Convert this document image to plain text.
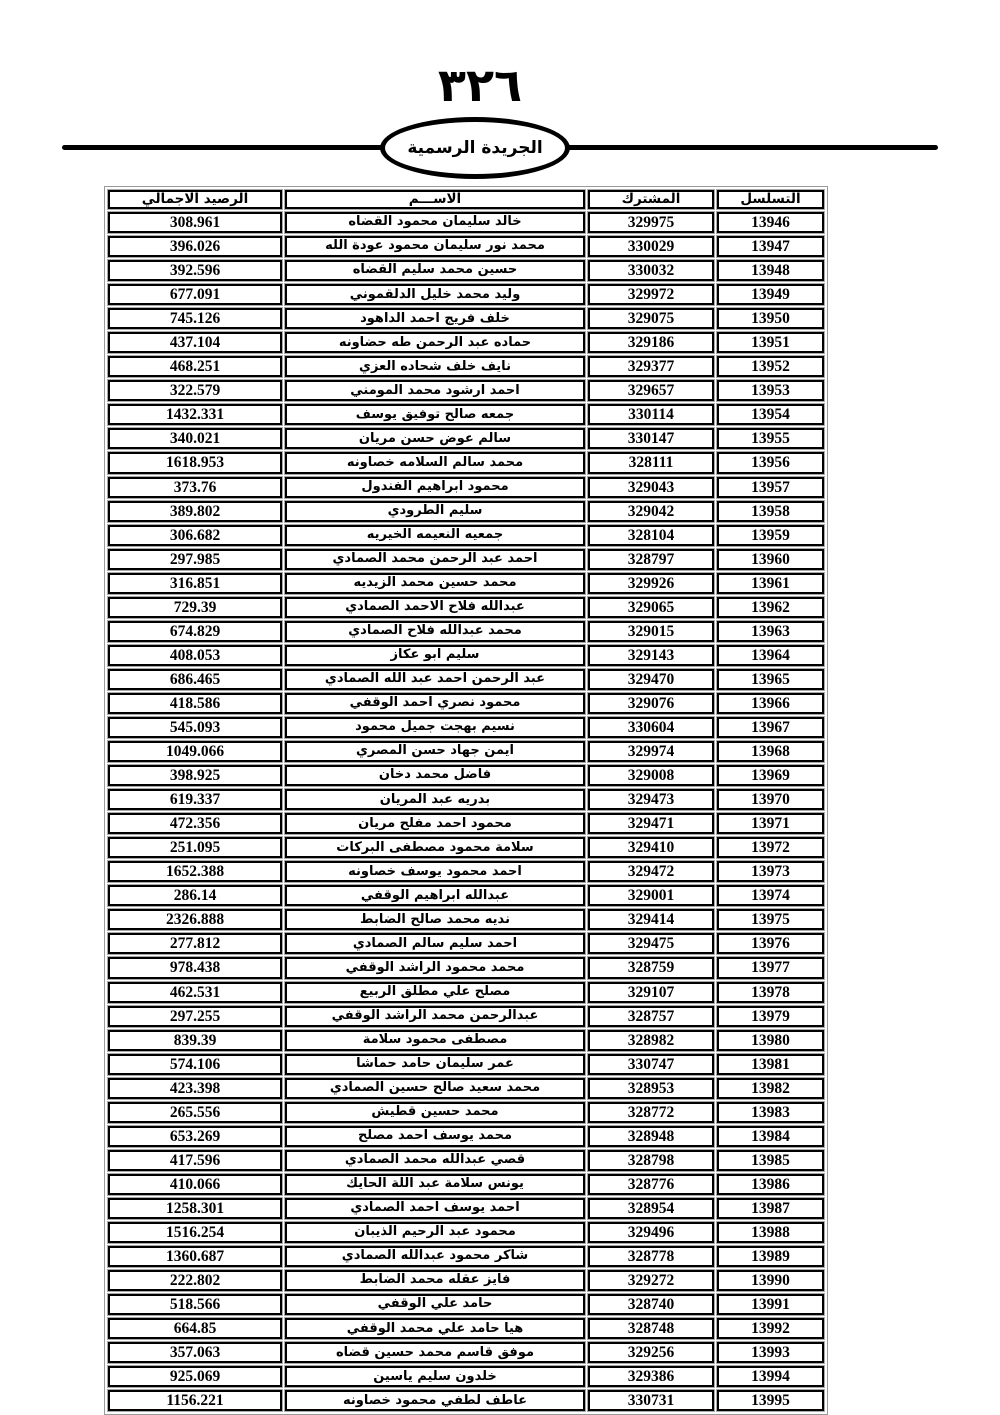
٣٢٦
الجريدة الرسمية
التسلسل	المشترك	الاســـم	الرصيد الاجمالي
13946	329975	خالد سليمان محمود القضاه	308.961
13947	330029	محمد نور سليمان محمود عودة الله	396.026
13948	330032	حسين محمد سليم القضاه	392.596
13949	329972	وليد محمد خليل الدلقموني	677.091
13950	329075	خلف فريج احمد الداهود	745.126
13951	329186	حماده عبد الرحمن طه حضاونه	437.104
13952	329377	نايف خلف شحاده العزي	468.251
13953	329657	احمد ارشود محمد المومني	322.579
13954	330114	جمعه صالح توفيق يوسف	1432.331
13955	330147	سالم عوض حسن مريان	340.021
13956	328111	محمد سالم السلامه خصاونه	1618.953
13957	329043	محمود ابراهيم الفندول	373.76
13958	329042	سليم الطرودي	389.802
13959	328104	جمعيه النعيمه الخيريه	306.682
13960	328797	احمد عبد الرحمن محمد الصمادي	297.985
13961	329926	محمد حسين محمد الزيديه	316.851
13962	329065	عبدالله فلاح الاحمد الصمادي	729.39
13963	329015	محمد عبدالله فلاح الصمادي	674.829
13964	329143	سليم ابو عكاز	408.053
13965	329470	عبد الرحمن احمد عبد الله الصمادي	686.465
13966	329076	محمود نصري احمد الوقفي	418.586
13967	330604	نسيم بهجت جميل محمود	545.093
13968	329974	ايمن جهاد حسن المصري	1049.066
13969	329008	فاضل محمد دخان	398.925
13970	329473	بدريه عبد المريان	619.337
13971	329471	محمود احمد مفلح مريان	472.356
13972	329410	سلامة محمود مصطفى البركات	251.095
13973	329472	احمد محمود يوسف خصاونه	1652.388
13974	329001	عبدالله ابراهيم الوقفي	286.14
13975	329414	نديه محمد صالح الضابط	2326.888
13976	329475	احمد سليم سالم الصمادي	277.812
13977	328759	محمد محمود الراشد الوقفي	978.438
13978	329107	مصلح علي مطلق الربيع	462.531
13979	328757	عبدالرحمن محمد الراشد الوقفي	297.255
13980	328982	مصطفى محمود سلامة	839.39
13981	330747	عمر سليمان حامد حماشا	574.106
13982	328953	محمد سعيد صالح حسين الصمادي	423.398
13983	328772	محمد حسين قطيش	265.556
13984	328948	محمد يوسف احمد مصلح	653.269
13985	328798	قصي عبدالله محمد الصمادي	417.596
13986	328776	يونس سلامة عبد اللة الحايك	410.066
13987	328954	احمد يوسف احمد الصمادي	1258.301
13988	329496	محمود عبد الرحيم الذيبان	1516.254
13989	328778	شاكر محمود عبدالله الصمادي	1360.687
13990	329272	فايز عقله محمد الضابط	222.802
13991	328740	حامد علي الوقفي	518.566
13992	328748	هيا حامد علي محمد الوقفي	664.85
13993	329256	موفق قاسم محمد حسين قضاه	357.063
13994	329386	خلدون سليم ياسين	925.069
13995	330731	عاطف لطفي محمود خصاونه	1156.221
